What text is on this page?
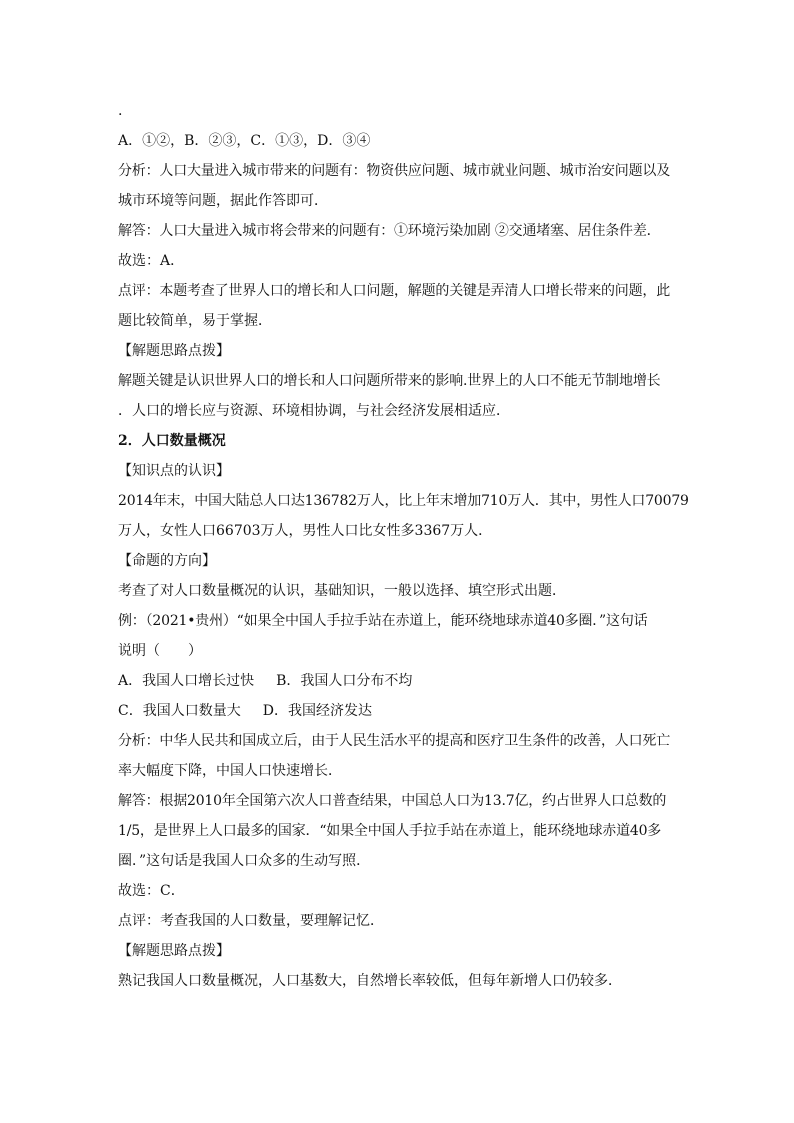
.
A．①②，B．②③，C．①③，D．③④
分析：人口大量进入城市带来的问题有：物资供应问题、城市就业问题、城市治安问题以及
城市环境等问题，据此作答即可．
解答：人口大量进入城市将会带来的问题有：①环境污染加剧 ②交通堵塞、居住条件差．
故选：A．
点评：本题考查了世界人口的增长和人口问题，解题的关键是弄清人口增长带来的问题，此
题比较简单，易于掌握．
【解题思路点拨】
解题关键是认识世界人口的增长和人口问题所带来的影响.世界上的人口不能无节制地增长
．人口的增长应与资源、环境相协调，与社会经济发展相适应．
2．人口数量概况
【知识点的认识】
2014年末，中国大陆总人口达136782万人，比上年末增加710万人．其中，男性人口70079
万人，女性人口66703万人，男性人口比女性多3367万人．
【命题的方向】
考查了对人口数量概况的认识，基础知识，一般以选择、填空形式出题．
例：（2021•贵州）“如果全中国人手拉手站在赤道上，能环绕地球赤道40多圈．”这句话
说明（　　）
A．我国人口增长过快 B．我国人口分布不均
C．我国人口数量大 D．我国经济发达
分析：中华人民共和国成立后，由于人民生活水平的提高和医疗卫生条件的改善，人口死亡
率大幅度下降，中国人口快速增长．
解答：根据2010年全国第六次人口普查结果，中国总人口为13.7亿，约占世界人口总数的
1/5，是世界上人口最多的国家．“如果全中国人手拉手站在赤道上，能环绕地球赤道40多
圈．”这句话是我国人口众多的生动写照．
故选：C．
点评：考查我国的人口数量，要理解记忆．
【解题思路点拨】
熟记我国人口数量概况，人口基数大，自然增长率较低，但每年新增人口仍较多．
